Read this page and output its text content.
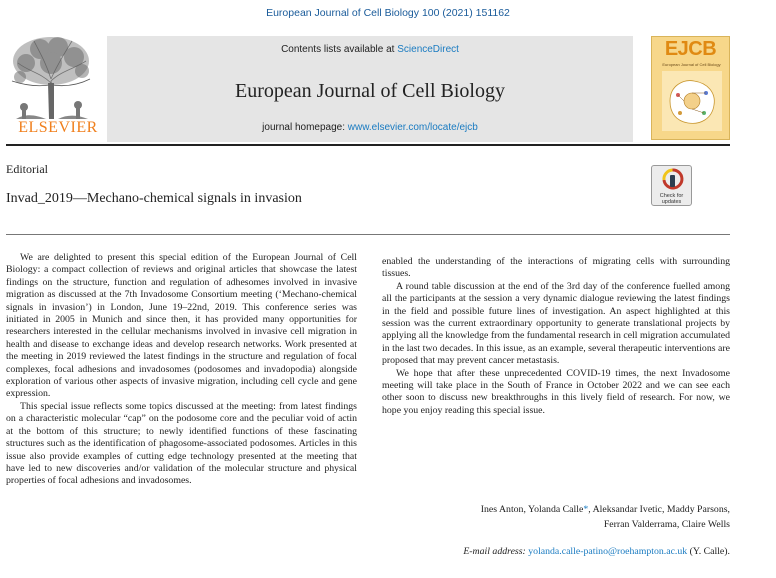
European Journal of Cell Biology 100 (2021) 151162
ELSEVIER
Contents lists available at ScienceDirect
European Journal of Cell Biology
journal homepage: www.elsevier.com/locate/ejcb
EJCB
European Journal of Cell Biology
Editorial
Invad_2019—Mechano-chemical signals in invasion	Check for
updates

We are delighted to present this special edition of the European Journal of Cell Biology: a compact collection of reviews and original articles that showcase the latest findings on the structure, function and regulation of adhesomes involved in invasive migration as discussed at the 7th Invadosome Consortium meeting (‘Mechano-chemical signals in invasion’) in London, June 19–22nd, 2019. This conference series was initiated in 2005 in Munich and since then, it has provided many opportunities for researchers interested in the cellular mechanisms involved in invasive cell migration in health and disease to exchange ideas and develop research networks. Work presented at the meeting in 2019 reviewed the latest findings in the structure and regulation of focal complexes, focal adhesions and invadosomes (podosomes and invadopodia) alongside exploration of various other aspects of invasive migration, including cell cycle and gene expression.

This special issue reflects some topics discussed at the meeting: from latest findings on a characteristic molecular “cap” on the podosome core and the peculiar void of actin at the bottom of this structure; to newly identified functions of these fascinating structures such as the identification of phagosome-associated podosomes. Articles in this issue also provide examples of cutting edge technology presented at the meeting that have led to new discoveries and/or validation of the molecular structure and physical properties of focal adhesions and invadosomes.

enabled the understanding of the interactions of migrating cells with surrounding tissues.

A round table discussion at the end of the 3rd day of the conference fuelled among all the participants at the session a very dynamic dialogue reviewing the latest findings in the field and possible future lines of investigation. An aspect highlighted at this session was the current extraordinary opportunity to generate translational projects by applying all the knowledge from the fundamental research in cell migration accumulated in the last two decades. In this issue, as an example, several therapeutic interventions are proposed that may prevent cancer metastasis.

We hope that after these unprecedented COVID-19 times, the next Invadosome meeting will take place in the South of France in October 2022 and we can see each other soon to discuss new breakthroughs in this lively field of research. For now, we hope you enjoy reading this special issue.

Ines Anton, Yolanda Calle*, Aleksandar Ivetic, Maddy Parsons,
Ferran Valderrama, Claire Wells
E-mail address: yolanda.calle-patino@roehampton.ac.uk (Y. Calle).
